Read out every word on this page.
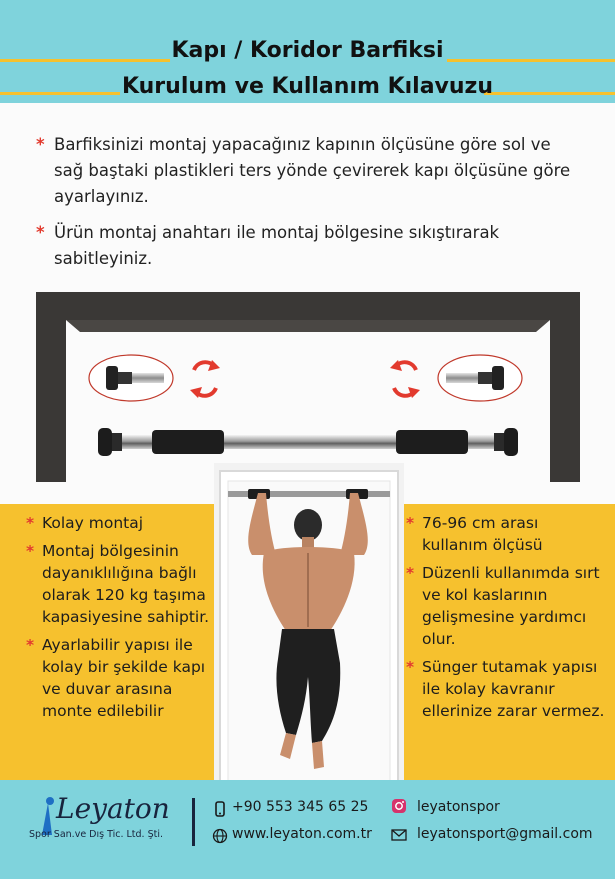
Kapı / Koridor Barfiksi
Kurulum ve Kullanım Kılavuzu
* Barfiksinizi montaj yapacağınız kapının ölçüsüne göre sol ve sağ baştaki plastikleri ters yönde çevirerek kapı ölçüsüne göre ayarlayınız.
* Ürün montaj anahtarı ile montaj bölgesine sıkıştırarak sabitleyiniz.
* Kolay montaj
* Montaj bölgesinin dayanıklılığına bağlı olarak 120 kg taşıma kapasiyesine sahiptir.
* Ayarlabilir yapısı ile kolay bir şekilde kapı ve duvar arasına monte edilebilir
* 76-96 cm arası kullanım ölçüsü
* Düzenli kullanımda sırt ve kol kaslarının gelişmesine yardımcı olur.
* Sünger tutamak yapısı ile kolay kavranır ellerinize zarar vermez.
Leyaton
Spor San.ve Dış Tic. Ltd. Şti.
+90 553 345 65 25
www.leyaton.com.tr
leyatonspor
leyatonsport@gmail.com
